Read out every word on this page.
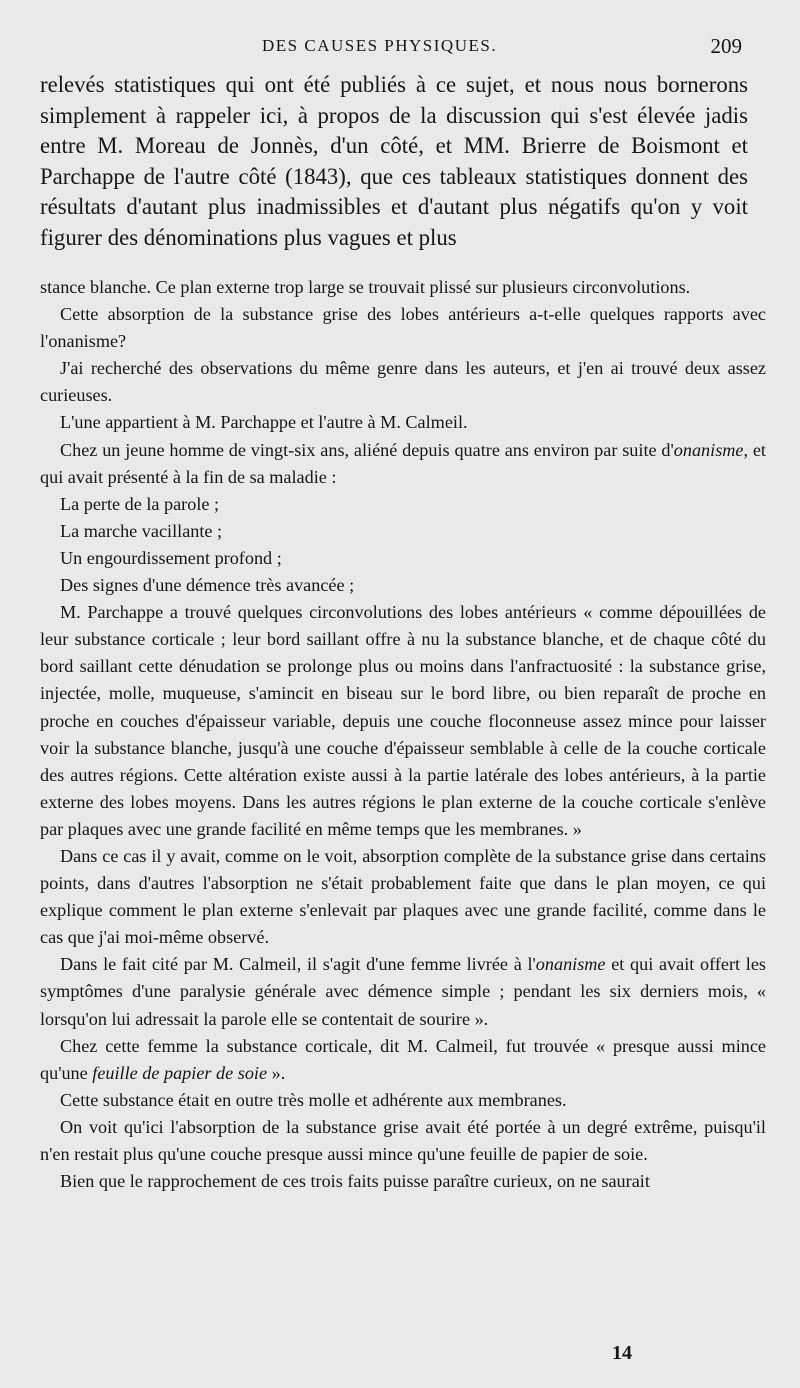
DES CAUSES PHYSIQUES.	209

relevés statistiques qui ont été publiés à ce sujet, et nous nous bornerons simplement à rappeler ici, à propos de la discussion qui s'est élevée jadis entre M. Moreau de Jonnès, d'un côté, et MM. Brierre de Boismont et Parchappe de l'autre côté (1843), que ces tableaux statistiques donnent des résultats d'autant plus inadmissibles et d'autant plus négatifs qu'on y voit figurer des dénominations plus vagues et plus

stance blanche. Ce plan externe trop large se trouvait plissé sur plusieurs circonvolutions.

Cette absorption de la substance grise des lobes antérieurs a-t-elle quelques rapports avec l'onanisme?

J'ai recherché des observations du même genre dans les auteurs, et j'en ai trouvé deux assez curieuses.

L'une appartient à M. Parchappe et l'autre à M. Calmeil.

Chez un jeune homme de vingt-six ans, aliéné depuis quatre ans environ par suite d'onanisme, et qui avait présenté à la fin de sa maladie :

La perte de la parole ;

La marche vacillante ;

Un engourdissement profond ;

Des signes d'une démence très avancée ;

M. Parchappe a trouvé quelques circonvolutions des lobes antérieurs « comme dépouillées de leur substance corticale ; leur bord saillant offre à nu la substance blanche, et de chaque côté du bord saillant cette dénudation se prolonge plus ou moins dans l'anfractuosité : la substance grise, injectée, molle, muqueuse, s'amincit en biseau sur le bord libre, ou bien reparaît de proche en proche en couches d'épaisseur variable, depuis une couche floconneuse assez mince pour laisser voir la substance blanche, jusqu'à une couche d'épaisseur semblable à celle de la couche corticale des autres régions. Cette altération existe aussi à la partie latérale des lobes antérieurs, à la partie externe des lobes moyens. Dans les autres régions le plan externe de la couche corticale s'enlève par plaques avec une grande facilité en même temps que les membranes. »

Dans ce cas il y avait, comme on le voit, absorption complète de la substance grise dans certains points, dans d'autres l'absorption ne s'était probablement faite que dans le plan moyen, ce qui explique comment le plan externe s'enlevait par plaques avec une grande facilité, comme dans le cas que j'ai moi-même observé.

Dans le fait cité par M. Calmeil, il s'agit d'une femme livrée à l'onanisme et qui avait offert les symptômes d'une paralysie générale avec démence simple ; pendant les six derniers mois, « lorsqu'on lui adressait la parole elle se contentait de sourire ».

Chez cette femme la substance corticale, dit M. Calmeil, fut trouvée « presque aussi mince qu'une feuille de papier de soie ».

Cette substance était en outre très molle et adhérente aux membranes.

On voit qu'ici l'absorption de la substance grise avait été portée à un degré extrême, puisqu'il n'en restait plus qu'une couche presque aussi mince qu'une feuille de papier de soie.

Bien que le rapprochement de ces trois faits puisse paraître curieux, on ne saurait

14
